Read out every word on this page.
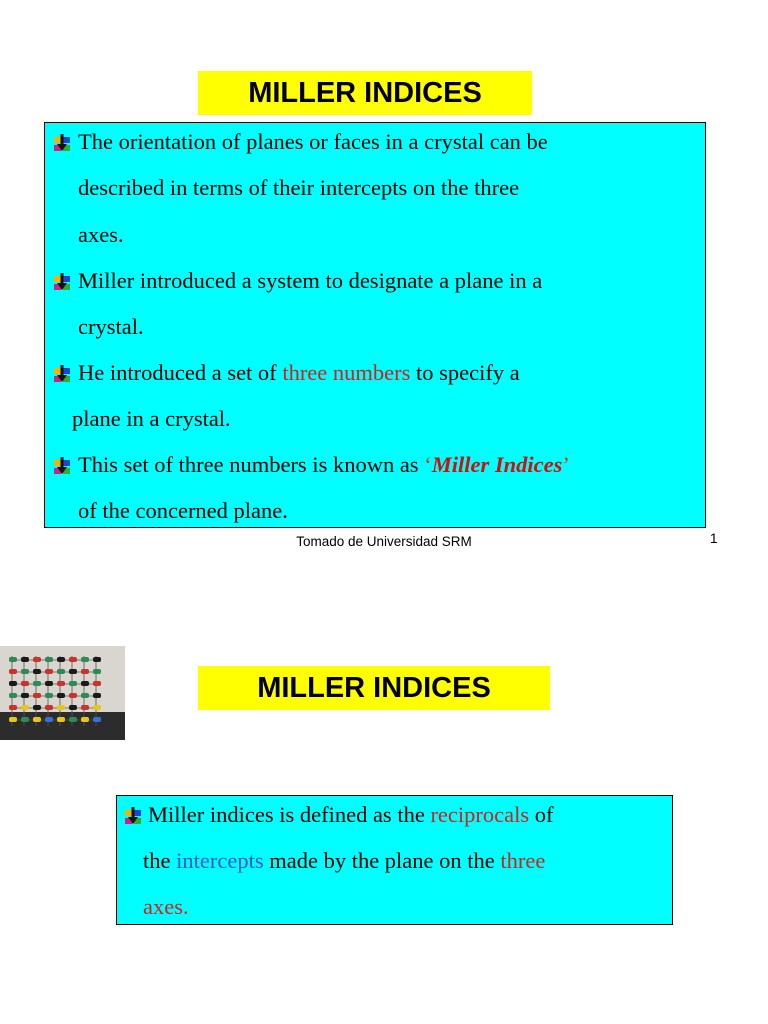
MILLER INDICES
The orientation of planes or faces in a crystal can be
described in terms of their intercepts on the three
axes.
Miller introduced a system to designate a plane in a
crystal.
He introduced a set of three numbers to specify a
plane in a crystal.
This set of three numbers is known as ‘Miller Indices’
of the concerned plane.
Tomado de Universidad SRM	1
MILLER INDICES
Miller indices is defined as the reciprocals of
the intercepts made by the plane on the three
axes.
